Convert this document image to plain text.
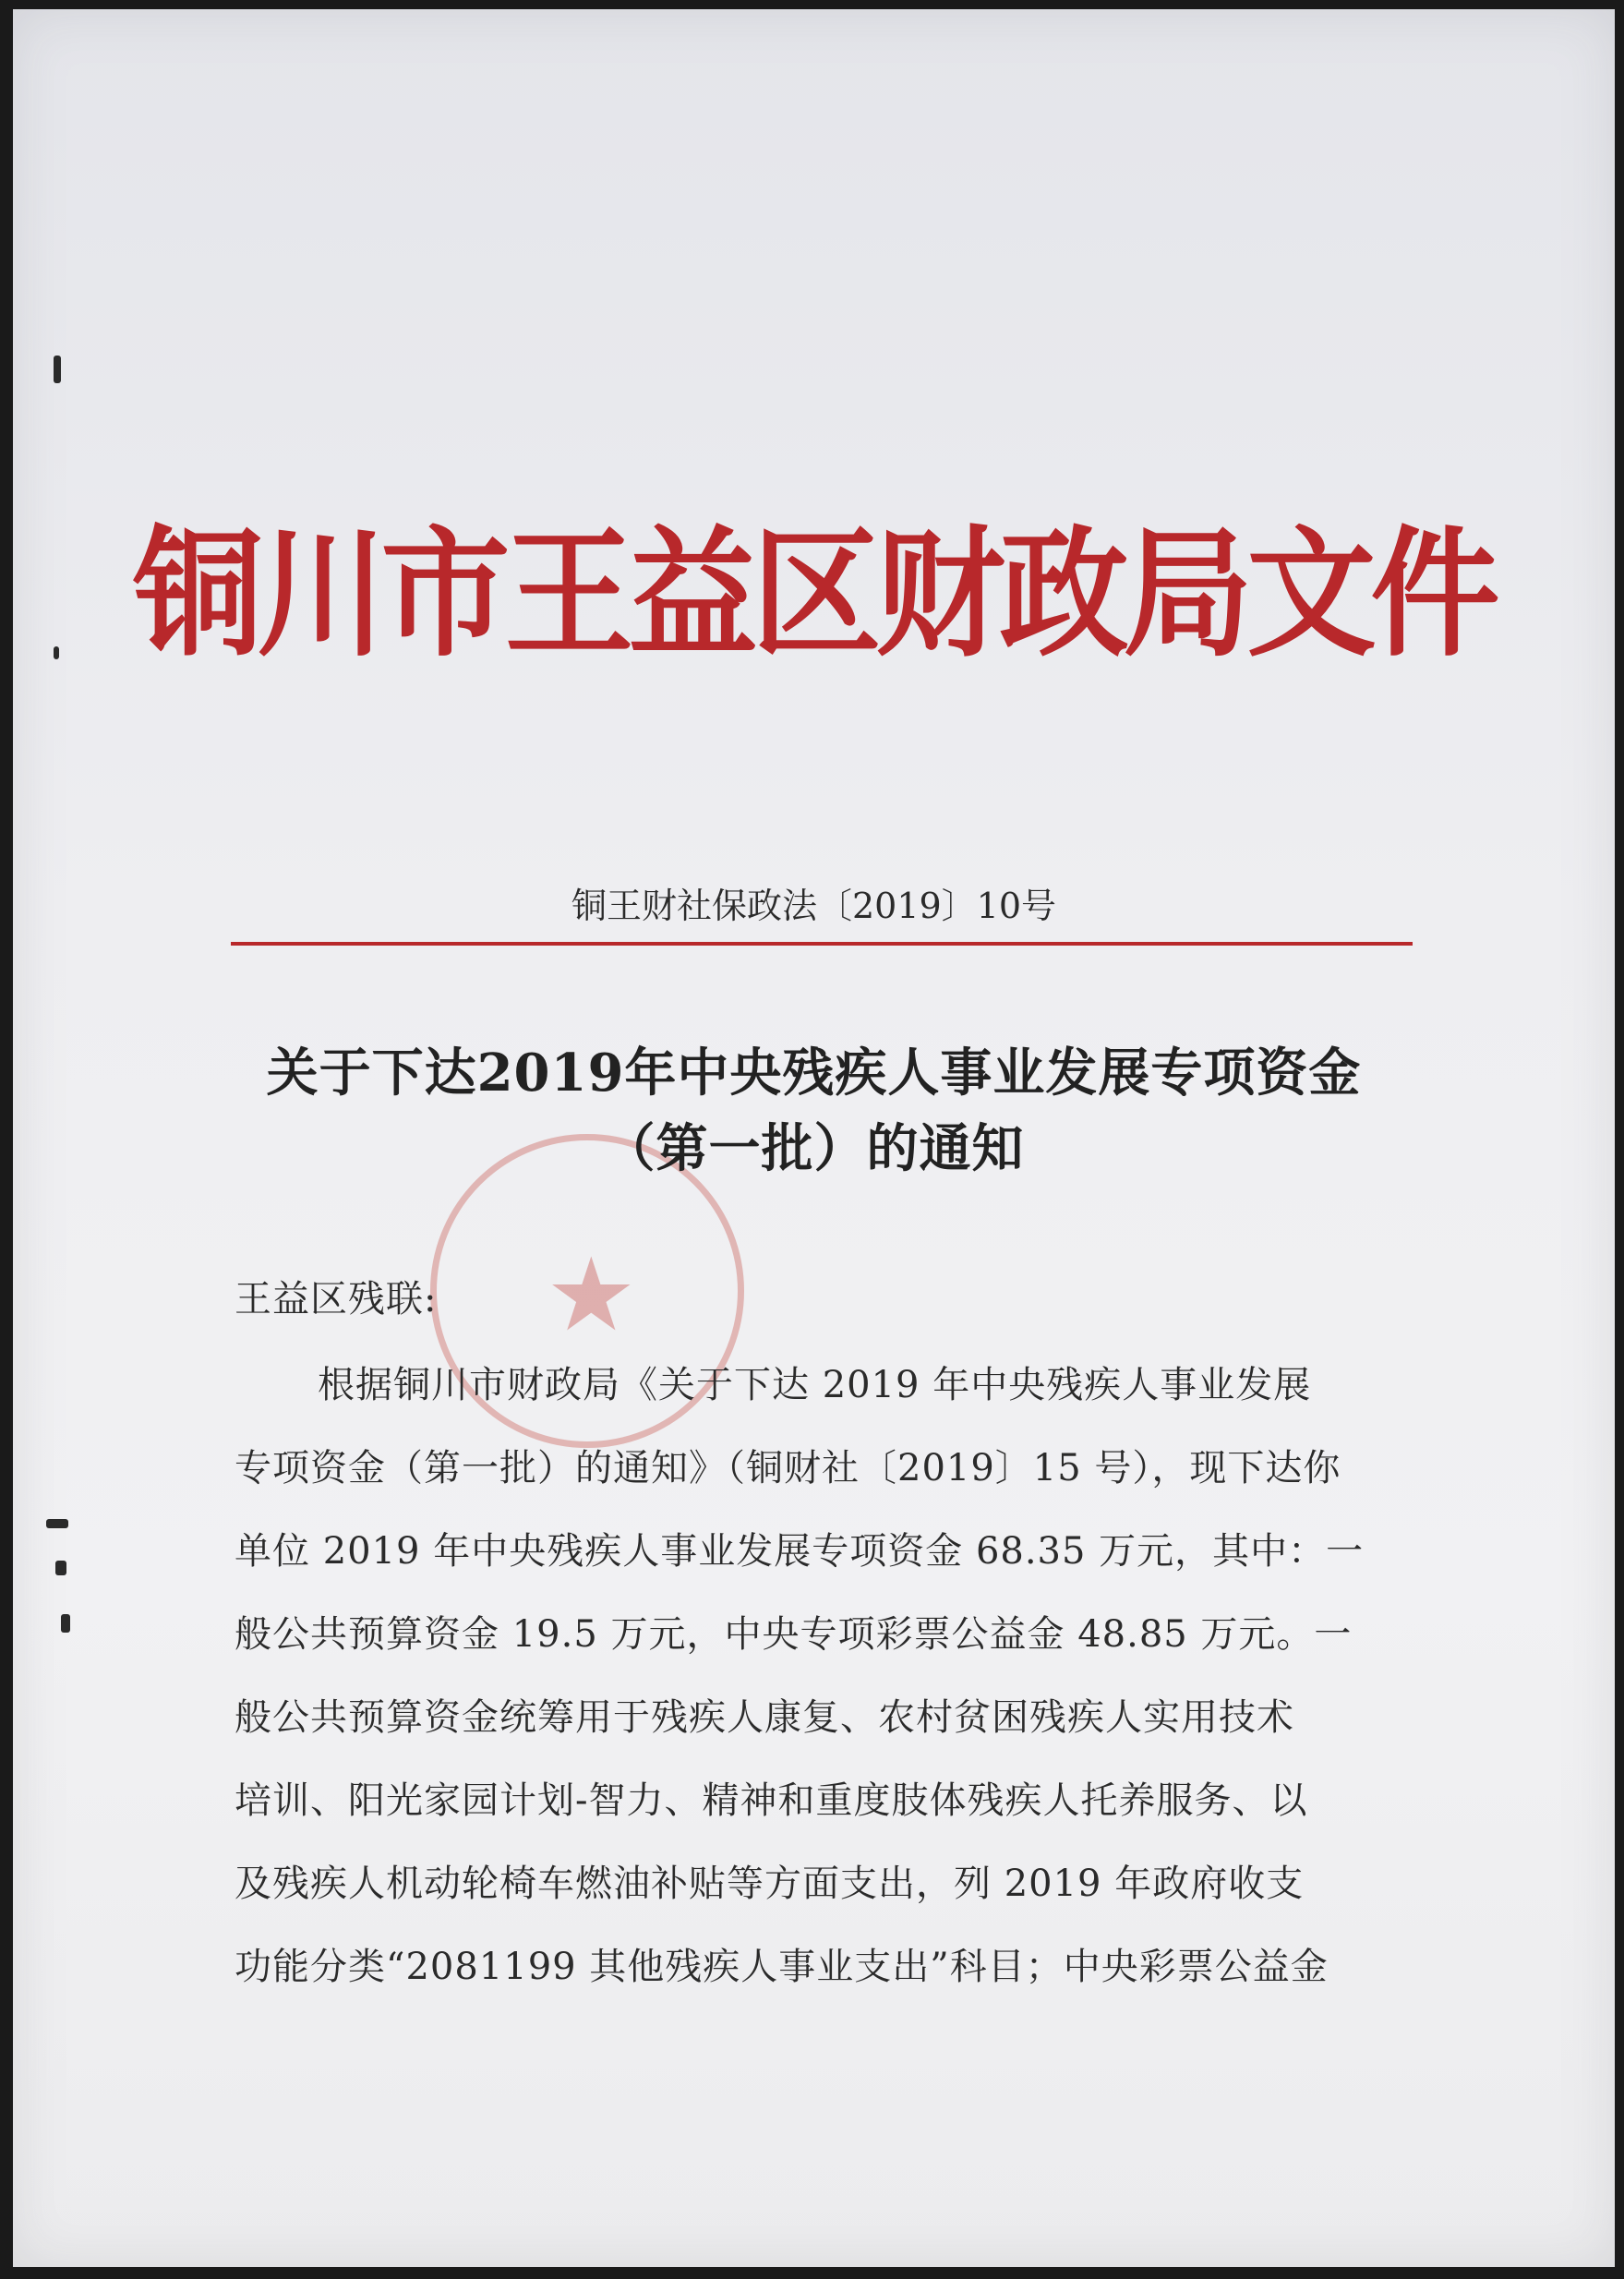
铜川市王益区财政局文件
铜王财社保政法〔2019〕10号
★
关于下达2019年中央残疾人事业发展专项资金
（第一批）的通知
王益区残联:
根据铜川市财政局《关于下达 2019 年中央残疾人事业发展
专项资金（第一批）的通知》（铜财社〔2019〕15 号），现下达你
单位 2019 年中央残疾人事业发展专项资金 68.35 万元，其中：一
般公共预算资金 19.5 万元，中央专项彩票公益金 48.85 万元。一
般公共预算资金统筹用于残疾人康复、农村贫困残疾人实用技术
培训、阳光家园计划-智力、精神和重度肢体残疾人托养服务、以
及残疾人机动轮椅车燃油补贴等方面支出，列 2019 年政府收支
功能分类“2081199 其他残疾人事业支出”科目；中央彩票公益金
